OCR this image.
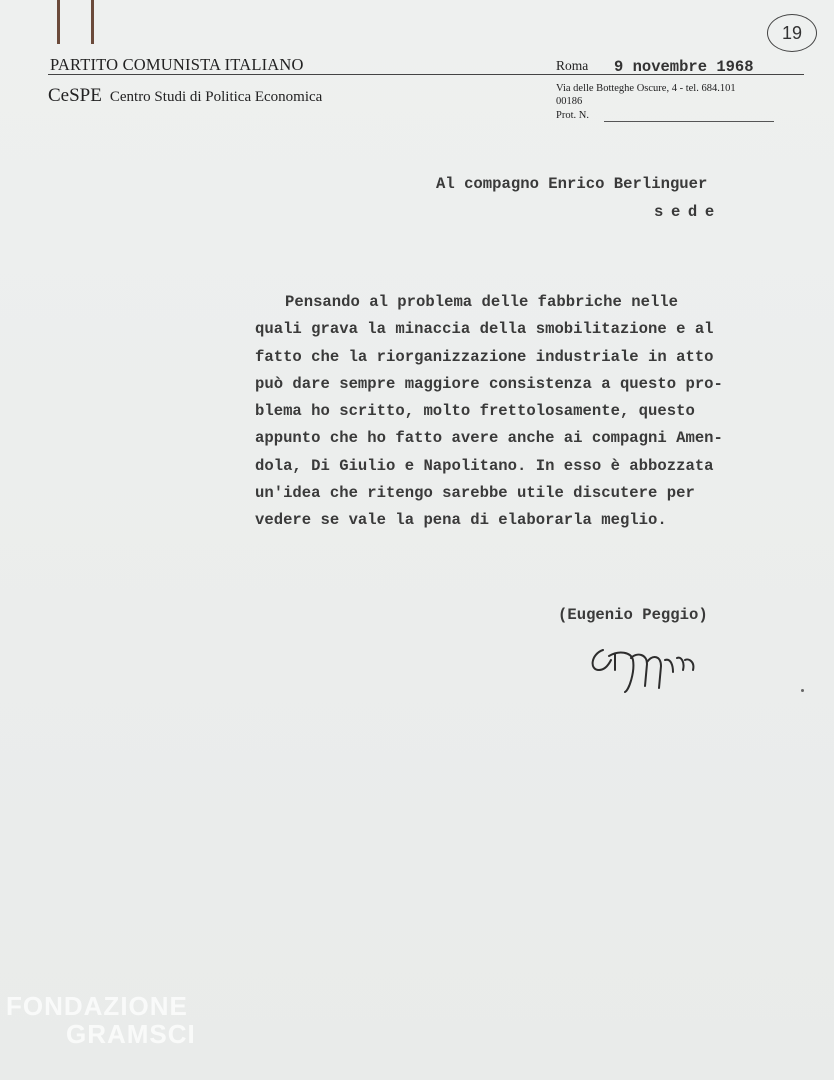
PARTITO COMUNISTA ITALIANO
CeSPE Centro Studi di Politica Economica
Roma 9 novembre 1968
Via delle Botteghe Oscure, 4 - tel. 684.101
00186
Prot. N.
19
Al compagno Enrico Berlinguer
sede
Pensando al problema delle fabbriche nelle
quali grava la minaccia della smobilitazione e al
fatto che la riorganizzazione industriale in atto
può dare sempre maggiore consistenza a questo pro-
blema ho scritto, molto frettolosamente, questo
appunto che ho fatto avere anche ai compagni Amen-
dola, Di Giulio e Napolitano. In esso è abbozzata
un'idea che ritengo sarebbe utile discutere per
vedere se vale la pena di elaborarla meglio.
(Eugenio Peggio)
FONDAZIONE
GRAMSCI
